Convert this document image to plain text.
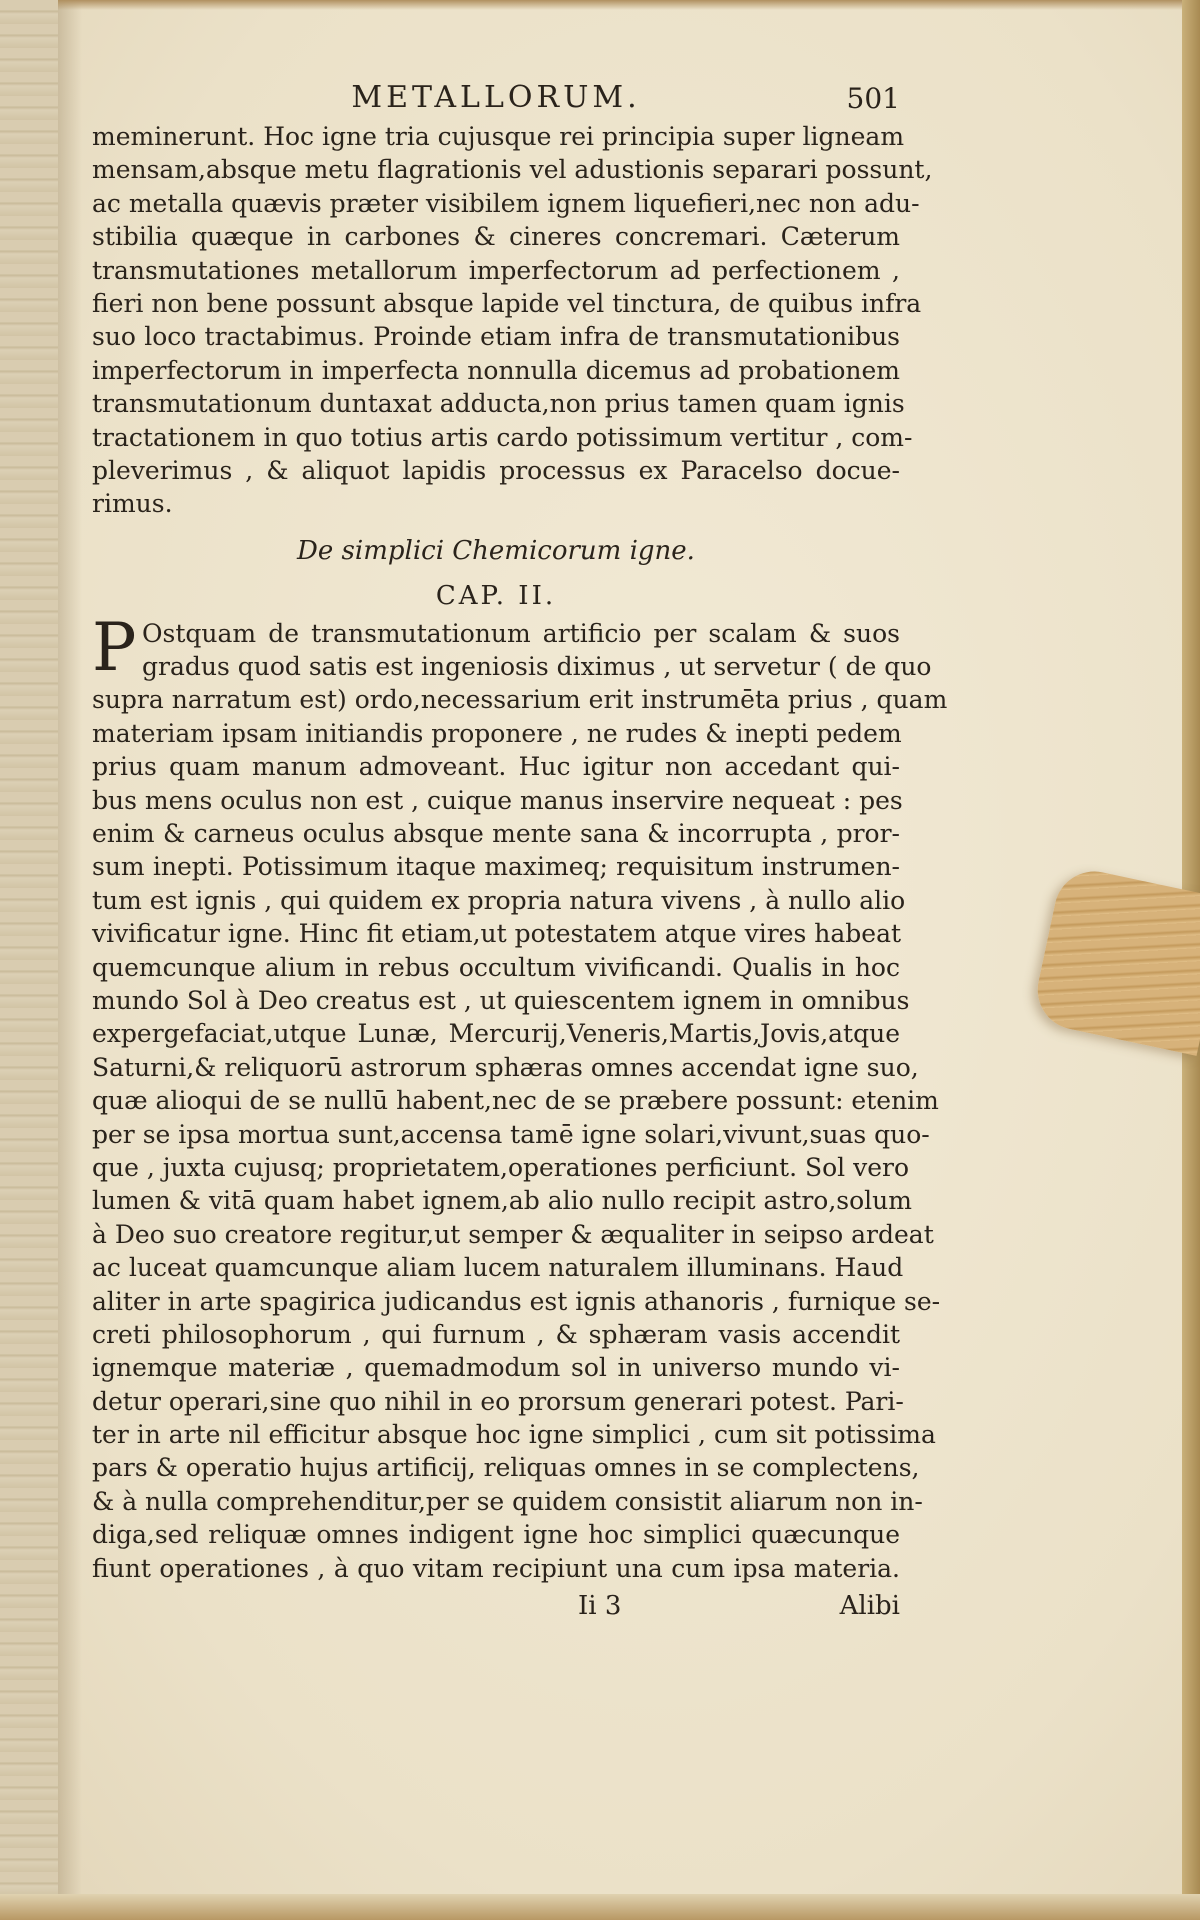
METALLORUM.	501
meminerunt. Hoc igne tria cujusque rei principia super ligneam
mensam,absque metu flagrationis vel adustionis separari possunt,
ac metalla quævis præter visibilem ignem liquefieri,nec non adu-
stibilia quæque in carbones & cineres concremari. Cæterum
transmutationes metallorum imperfectorum ad perfectionem ,
fieri non bene possunt absque lapide vel tinctura, de quibus infra
suo loco tractabimus. Proinde etiam infra de transmutationibus
imperfectorum in imperfecta nonnulla dicemus ad probationem
transmutationum duntaxat adducta,non prius tamen quam ignis
tractationem in quo totius artis cardo potissimum vertitur , com-
pleverimus , & aliquot lapidis processus ex Paracelso docue-
rimus.
De simplici Chemicorum igne.
CAP. II.
P Ostquam de transmutationum artificio per scalam & suos
gradus quod satis est ingeniosis diximus , ut servetur ( de quo
supra narratum est) ordo,necessarium erit instrumēta prius , quam
materiam ipsam initiandis proponere , ne rudes & inepti pedem
prius quam manum admoveant. Huc igitur non accedant qui-
bus mens oculus non est , cuique manus inservire nequeat : pes
enim & carneus oculus absque mente sana & incorrupta , pror-
sum inepti. Potissimum itaque maximeq; requisitum instrumen-
tum est ignis , qui quidem ex propria natura vivens , à nullo alio
vivificatur igne. Hinc fit etiam,ut potestatem atque vires habeat
quemcunque alium in rebus occultum vivificandi. Qualis in hoc
mundo Sol à Deo creatus est , ut quiescentem ignem in omnibus
expergefaciat,utque Lunæ, Mercurij,Veneris,Martis,Jovis,atque
Saturni,& reliquorū astrorum sphæras omnes accendat igne suo,
quæ alioqui de se nullū habent,nec de se præbere possunt: etenim
per se ipsa mortua sunt,accensa tamē igne solari,vivunt,suas quo-
que , juxta cujusq; proprietatem,operationes perficiunt. Sol vero
lumen & vitā quam habet ignem,ab alio nullo recipit astro,solum
à Deo suo creatore regitur,ut semper & æqualiter in seipso ardeat
ac luceat quamcunque aliam lucem naturalem illuminans. Haud
aliter in arte spagirica judicandus est ignis athanoris , furnique se-
creti philosophorum , qui furnum , & sphæram vasis accendit
ignemque materiæ , quemadmodum sol in universo mundo vi-
detur operari,sine quo nihil in eo prorsum generari potest. Pari-
ter in arte nil efficitur absque hoc igne simplici , cum sit potissima
pars & operatio hujus artificij, reliquas omnes in se complectens,
& à nulla comprehenditur,per se quidem consistit aliarum non in-
diga,sed reliquæ omnes indigent igne hoc simplici quæcunque
fiunt operationes , à quo vitam recipiunt una cum ipsa materia.
Ii 3	Alibi
